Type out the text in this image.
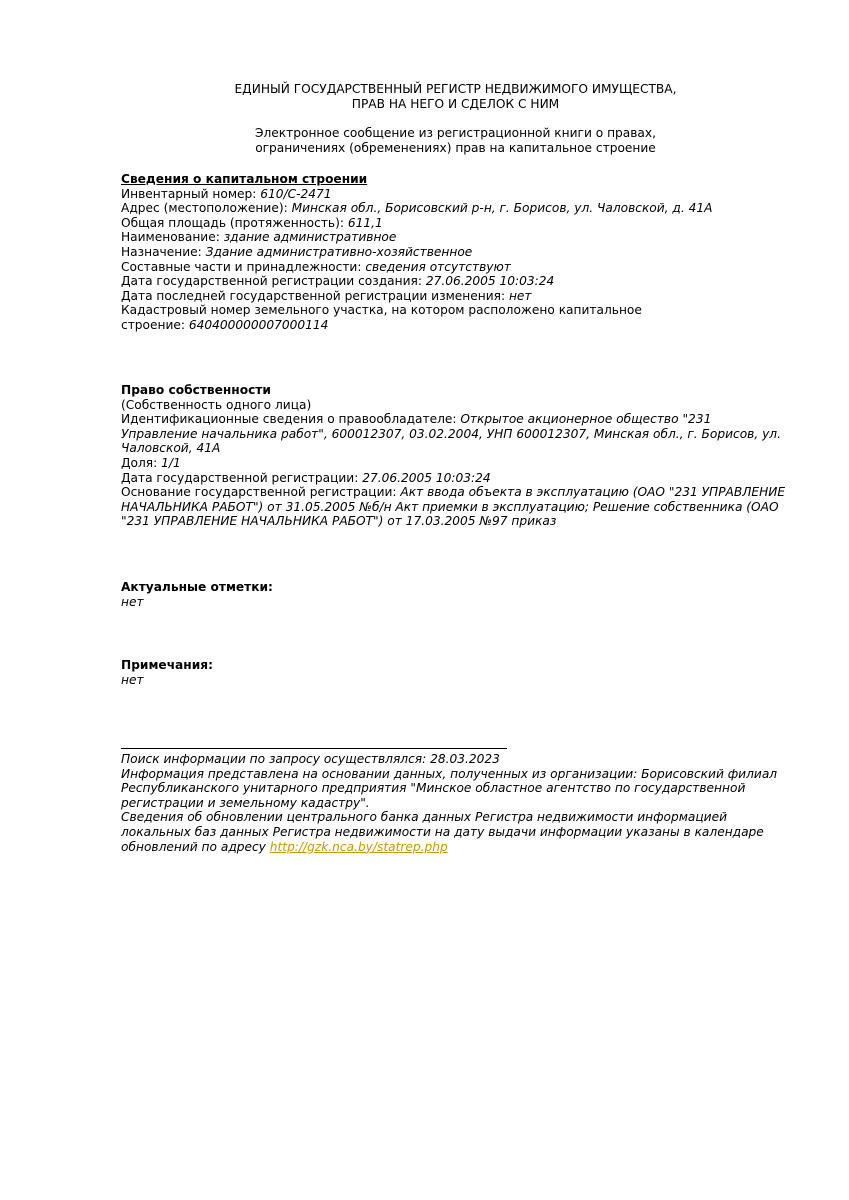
ЕДИНЫЙ ГОСУДАРСТВЕННЫЙ РЕГИСТР НЕДВИЖИМОГО ИМУЩЕСТВА,
ПРАВ НА НЕГО И СДЕЛОК С НИМ
Электронное сообщение из регистрационной книги о правах,
ограничениях (обременениях) прав на капитальное строение
Сведения о капитальном строении
Инвентарный номер: 610/C-2471
Адрес (местоположение): Минская обл., Борисовский р-н, г. Борисов, ул. Чаловской, д. 41А
Общая площадь (протяженность): 611,1
Наименование: здание административное
Назначение: Здание административно-хозяйственное
Составные части и принадлежности: сведения отсутствуют
Дата государственной регистрации создания: 27.06.2005 10:03:24
Дата последней государственной регистрации изменения: нет
Кадастровый номер земельного участка, на котором расположено капитальное
строение: 640400000007000114
Право собственности
(Собственность одного лица)
Идентификационные сведения о правообладателе: Открытое акционерное общество "231 Управление начальника работ", 600012307, 03.02.2004, УНП 600012307, Минская обл., г. Борисов, ул. Чаловской, 41А
Доля: 1/1
Дата государственной регистрации: 27.06.2005 10:03:24
Основание государственной регистрации: Акт ввода объекта в эксплуатацию (ОАО "231 УПРАВЛЕНИЕ НАЧАЛЬНИКА РАБОТ") от 31.05.2005 №б/н Акт приемки в эксплуатацию; Решение собственника (ОАО "231 УПРАВЛЕНИЕ НАЧАЛЬНИКА РАБОТ") от 17.03.2005 №97 приказ
Актуальные отметки:
нет
Примечания:
нет
Поиск информации по запросу осуществлялся: 28.03.2023
Информация представлена на основании данных, полученных из организации: Борисовский филиал Республиканского унитарного предприятия "Минское областное агентство по государственной регистрации и земельному кадастру".
Сведения об обновлении центрального банка данных Регистра недвижимости информацией локальных баз данных Регистра недвижимости на дату выдачи информации указаны в календаре обновлений по адресу http://gzk.nca.by/statrep.php
